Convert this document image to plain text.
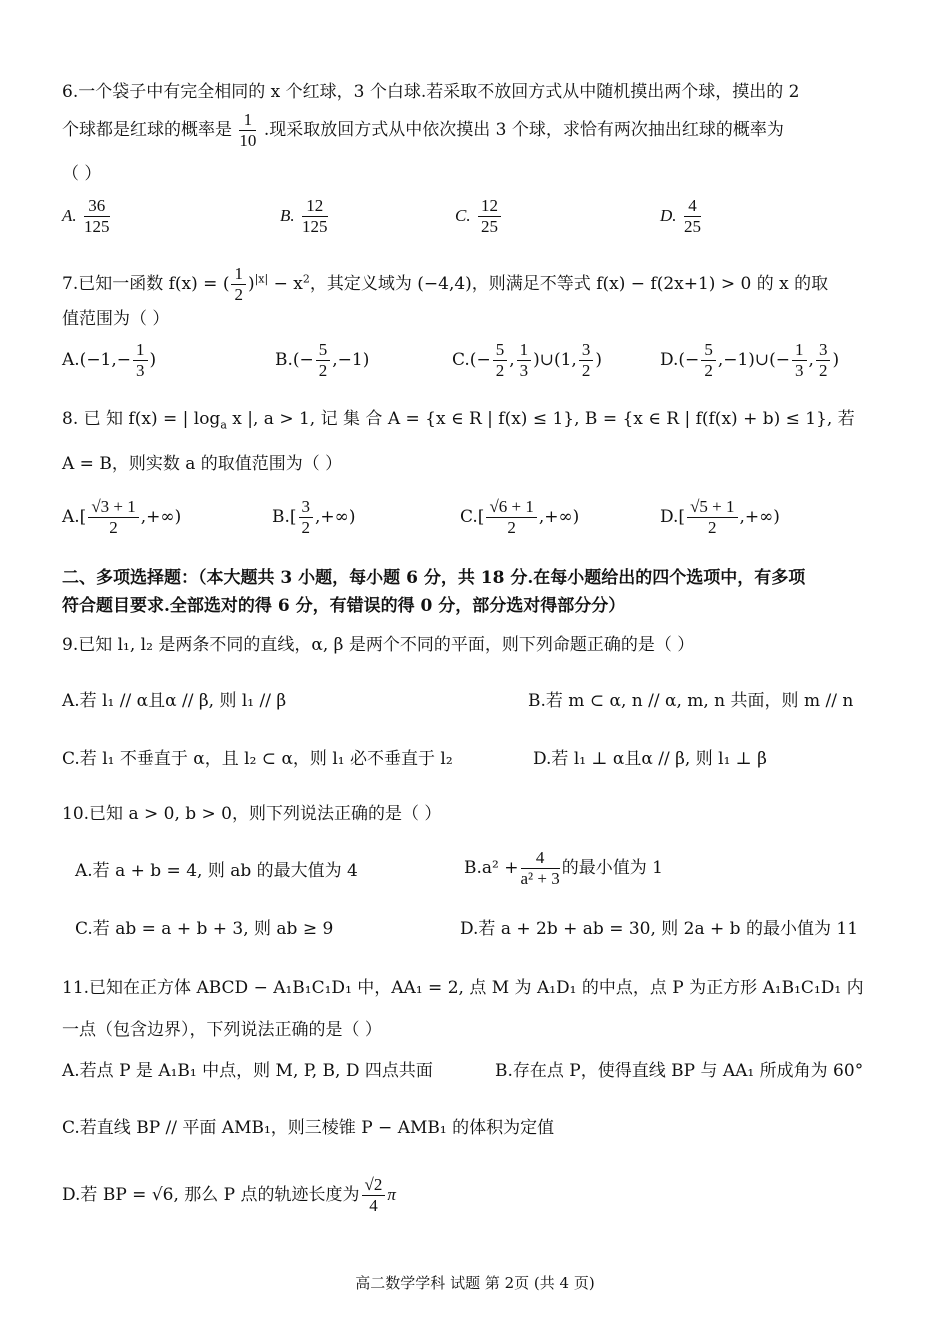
6.一个袋子中有完全相同的 x 个红球，3 个白球.若采取不放回方式从中随机摸出两个球，摸出的 2
个球都是红球的概率是 $\frac{1}{10}$ .现采取放回方式从中依次摸出 3 个球，求恰有两次抽出红球的概率为
（ ）
A. $\frac{36}{125}$	B. $\frac{12}{125}$	C. $\frac{12}{25}$	D. $\frac{4}{25}$
7.已知一函数 f(x) = ( $\frac{1}{2} )^{|x|} - x^2$，其定义域为 (−4,4)，则满足不等式 f(x) − f(2x+1) > 0 的 x 的取
值范围为（ ）
$A.(-1,- \frac{1}{3}$ )	$B.(- \frac{5}{2} ,-1)$	$C.(- \frac{5}{2}$ , $\frac{1}{3}$ )∪(1, $\frac{3}{2}$ )	$D.(- \frac{5}{2}$ ,−1)∪(− $\frac{1}{3}$ , $\frac{3}{2}$ )
8. 已 知 f(x) = | $\log_a x$ |, a > 1, 记 集 合 A = {x ∈ R | f(x) ≤ 1}, B = {x ∈ R | f(f(x) + b) ≤ 1}, 若
A = B，则实数 a 的取值范围为（ ）
$A.[ \frac{√3 + 1}{2}$ ,+∞)	$B.[ \frac{3}{2}$ ,+∞)	$C.[ \frac{√6 + 1}{2}$ ,+∞)	$D.[ \frac{√5 + 1}{2}$ ,+∞)
二、多项选择题：（本大题共 3 小题，每小题 6 分，共 18 分.在每小题给出的四个选项中，有多项
符合题目要求.全部选对的得 6 分，有错误的得 0 分，部分选对得部分分）
9.已知 l₁, l₂ 是两条不同的直线，α, β 是两个不同的平面，则下列命题正确的是（ ）
A.若 l₁ // α且α // β, 则 l₁ // β	B.若 m ⊂ α, n // α, m, n 共面，则 m // n
C.若 l₁ 不垂直于 α，且 l₂ ⊂ α，则 l₁ 必不垂直于 l₂	D.若 l₁ ⊥ α且α // β, 则 l₁ ⊥ β
10.已知 a > 0, b > 0，则下列说法正确的是（ ）
A.若 a + b = 4, 则 ab 的最大值为 4	$B.a^2 + \frac{4}{\text{a² + 3}}$ 的最小值为 1
C.若 ab = a + b + 3, 则 ab ≥ 9	D.若 a + 2b + ab = 30, 则 2a + b 的最小值为 11
11.已知在正方体 ABCD − A₁B₁C₁D₁ 中，AA₁ = 2, 点 M 为 A₁D₁ 的中点，点 P 为正方形 A₁B₁C₁D₁ 内
一点（包含边界），下列说法正确的是（ ）
A.若点 P 是 A₁B₁ 中点，则 M, P, B, D 四点共面	B.存在点 P，使得直线 BP 与 AA₁ 所成角为 60°
C.若直线 BP // 平面 AMB₁，则三棱锥 P − AMB₁ 的体积为定值
D.若 BP = √6, 那么 P 点的轨迹长度为 $\frac{√2}{4}$ π
高二数学学科 试题 第 2页 (共 4 页)
